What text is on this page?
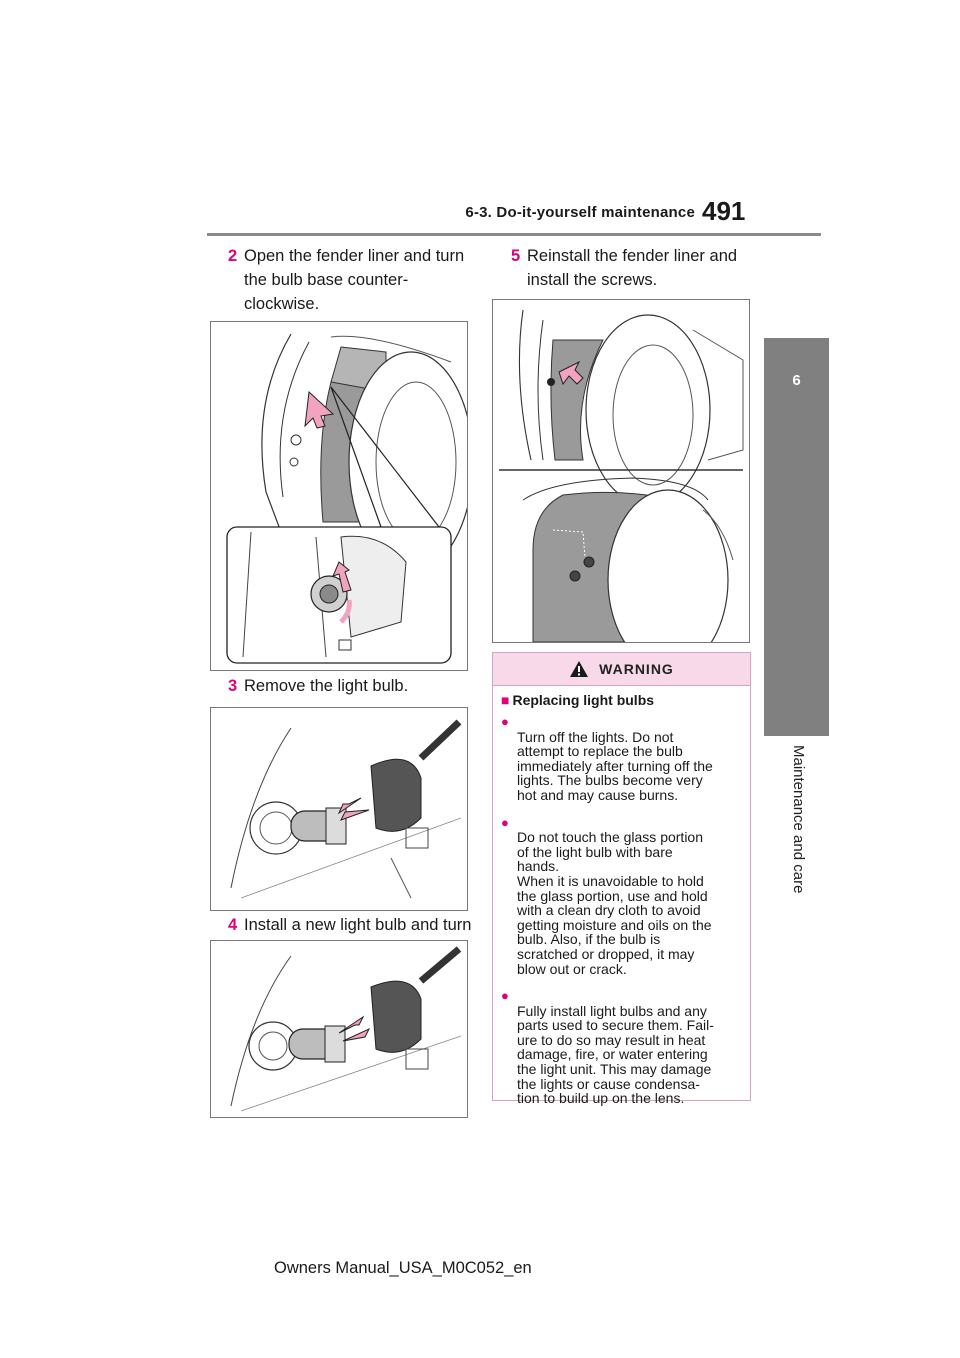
6-3. Do-it-yourself maintenance 491
6
Maintenance and care
2 Open the fender liner and turn the bulb base counter-clockwise.
3 Remove the light bulb.
4 Install a new light bulb and turn
5 Reinstall the fender liner and install the screws.
WARNING
■ Replacing light bulbs

●
Turn off the lights. Do not
attempt to replace the bulb
immediately after turning off the
lights. The bulbs become very
hot and may cause burns.

●
Do not touch the glass portion
of the light bulb with bare
hands.
When it is unavoidable to hold
the glass portion, use and hold
with a clean dry cloth to avoid
getting moisture and oils on the
bulb. Also, if the bulb is
scratched or dropped, it may
blow out or crack.

●
Fully install light bulbs and any
parts used to secure them. Fail-
ure to do so may result in heat
damage, fire, or water entering
the light unit. This may damage
the lights or cause condensa-
tion to build up on the lens.

Owners Manual_USA_M0C052_en
